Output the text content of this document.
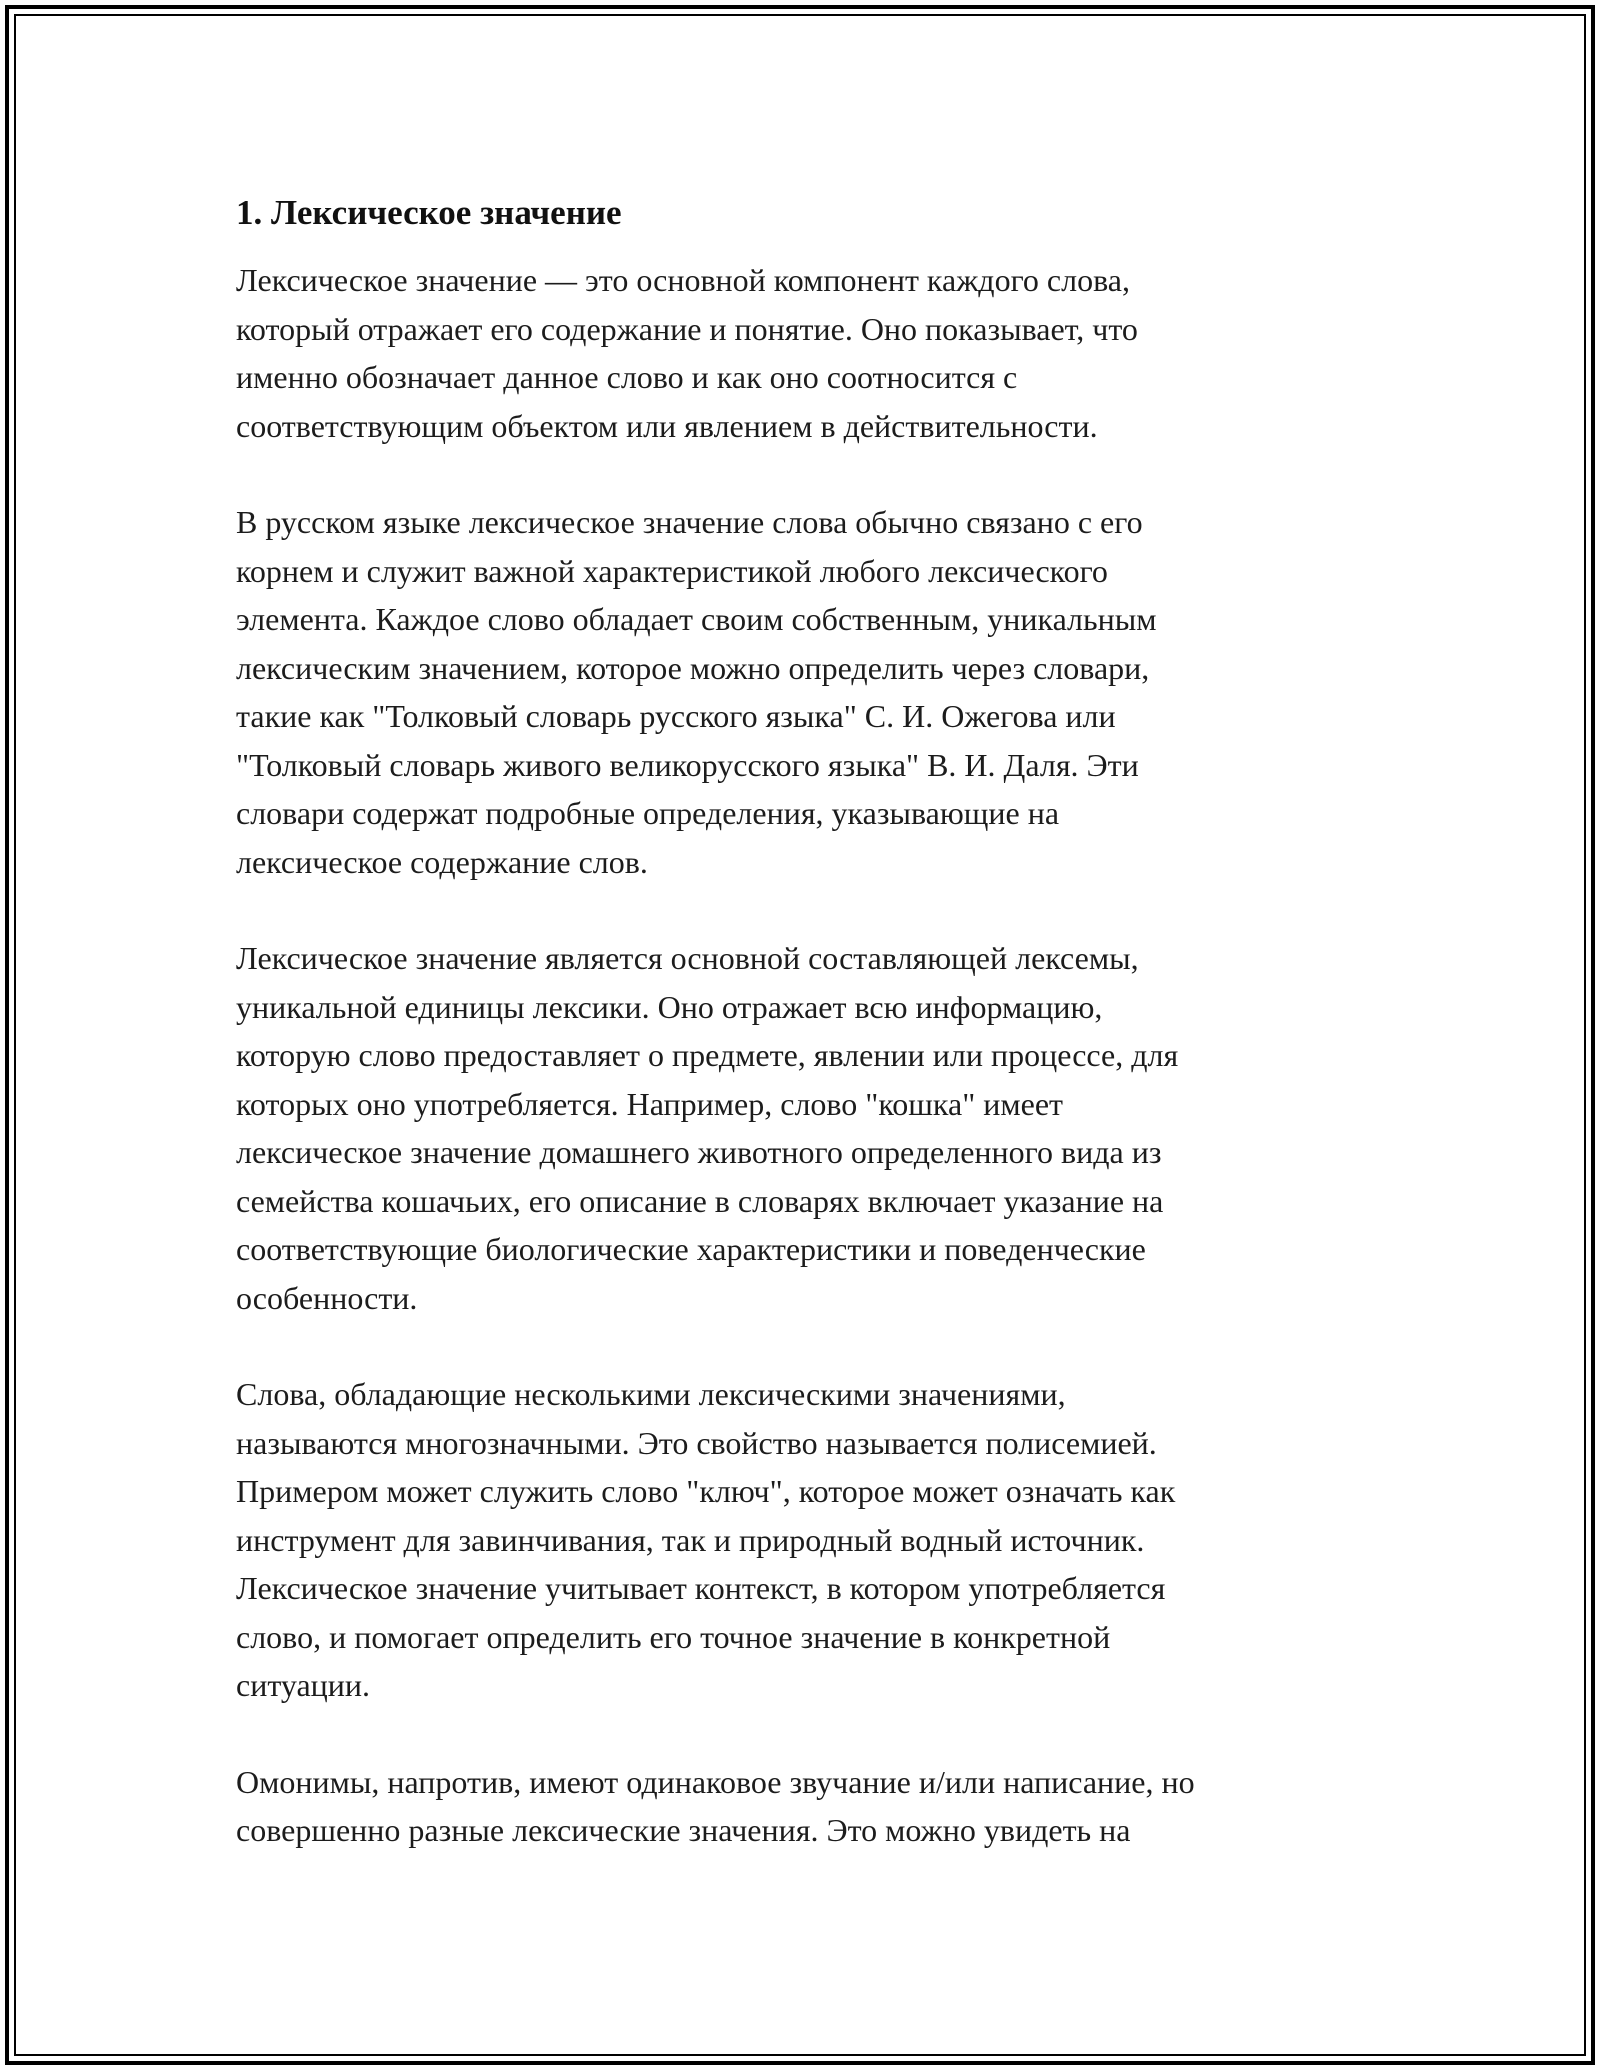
1. Лексическое значение

Лексическое значение — это основной компонент каждого слова,
который отражает его содержание и понятие. Оно показывает, что
именно обозначает данное слово и как оно соотносится с
соответствующим объектом или явлением в действительности.

В русском языке лексическое значение слова обычно связано с его
корнем и служит важной характеристикой любого лексического
элемента. Каждое слово обладает своим собственным, уникальным
лексическим значением, которое можно определить через словари,
такие как "Толковый словарь русского языка" С. И. Ожегова или
"Толковый словарь живого великорусского языка" В. И. Даля. Эти
словари содержат подробные определения, указывающие на
лексическое содержание слов.

Лексическое значение является основной составляющей лексемы,
уникальной единицы лексики. Оно отражает всю информацию,
которую слово предоставляет о предмете, явлении или процессе, для
которых оно употребляется. Например, слово "кошка" имеет
лексическое значение домашнего животного определенного вида из
семейства кошачьих, его описание в словарях включает указание на
соответствующие биологические характеристики и поведенческие
особенности.

Слова, обладающие несколькими лексическими значениями,
называются многозначными. Это свойство называется полисемией.
Примером может служить слово "ключ", которое может означать как
инструмент для завинчивания, так и природный водный источник.
Лексическое значение учитывает контекст, в котором употребляется
слово, и помогает определить его точное значение в конкретной
ситуации.

Омонимы, напротив, имеют одинаковое звучание и/или написание, но
совершенно разные лексические значения. Это можно увидеть на
